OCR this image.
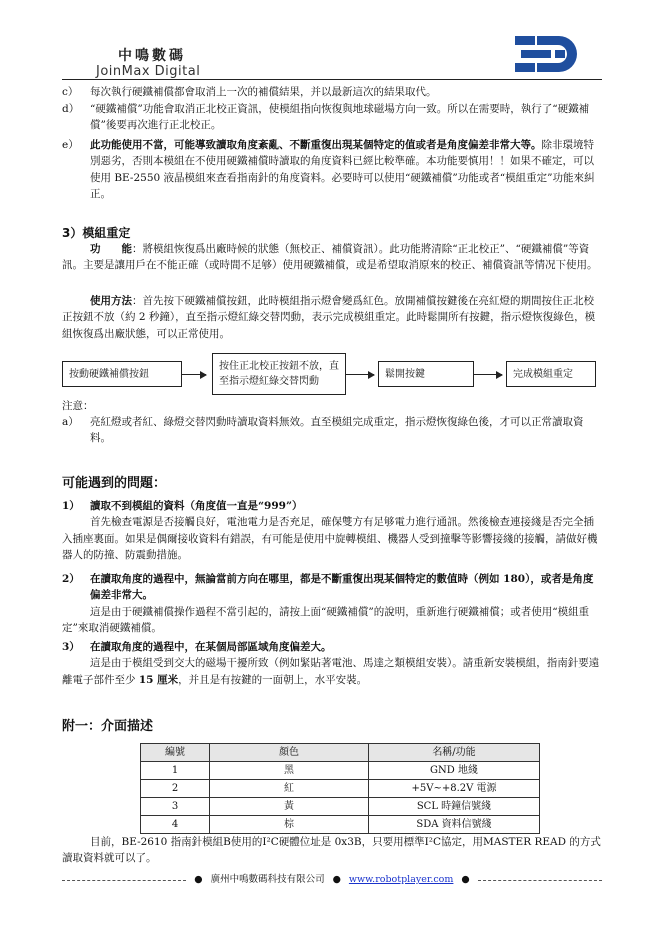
中鳴數碼
JoinMax Digital
c） 每次執行硬鐵補償都會取消上一次的補償結果，并以最新這次的結果取代。
d）	“硬鐵補償”功能會取消正北校正資訊，使模組指向恢復與地球磁場方向一致。所以在需要時，執行了“硬鐵補償”後要再次進行正北校正。
e）	此功能使用不當，可能導致讀取角度紊亂、不斷重復出現某個特定的值或者是角度偏差非常大等。除非環境特別惡劣，否則本模組在不使用硬鐵補償時讀取的角度資料已經比較準確。本功能要慎用！！如果不確定，可以使用 BE-2550 液晶模組來查看指南針的角度資料。必要時可以使用“硬鐵補償”功能或者“模組重定”功能來糾正。
3）模組重定
功　　能：將模組恢復爲出廠時候的狀態（無校正、補償資訊）。此功能將清除“正北校正”、“硬鐵補償”等資訊。主要是讓用戶在不能正確（或時間不足够）使用硬鐵補償，或是希望取消原來的校正、補償資訊等情况下使用。
使用方法：首先按下硬鐵補償按鈕，此時模組指示燈會變爲紅色。放開補償按鍵後在亮紅燈的期間按住正北校正按鈕不放（約 2 秒鐘），直至指示燈紅綠交替閃動，表示完成模組重定。此時鬆開所有按鍵，指示燈恢復綠色，模組恢復爲出廠狀態，可以正常使用。
按動硬鐵補償按鈕
按住正北校正按鈕不放，直至指示燈紅綠交替閃動
鬆開按鍵	完成模組重定
注意：
a）	亮紅燈或者紅、綠燈交替閃動時讀取資料無效。直至模組完成重定，指示燈恢復綠色後，才可以正常讀取資料。
可能遇到的問題：
1） 讀取不到模組的資料（角度值一直是“999”）
首先檢查電源是否接觸良好，電池電力是否充足，確保雙方有足够電力進行通訊。然後檢查連接綫是否完全插入插座裏面。如果是偶爾接收資料有錯誤，有可能是使用中旋轉模組、機器人受到撞擊等影響接綫的接觸，請做好機器人的防撞、防震動措施。
2） 在讀取角度的過程中，無論當前方向在哪里，都是不斷重復出現某個特定的數值時（例如 180），或者是角度偏差非常大。
這是由于硬鐵補償操作過程不當引起的，請按上面“硬鐵補償”的說明，重新進行硬鐵補償；或者使用“模組重定”來取消硬鐵補償。
3） 在讀取角度的過程中，在某個局部區域角度偏差大。
這是由于模組受到交大的磁場干擾所致（例如緊貼著電池、馬達之類模組安裝）。請重新安裝模組，指南針要遠離電子部件至少 15 厘米，并且是有按鍵的一面朝上，水平安裝。
附一：介面描述
編號	顏色	名稱/功能
1	黑	GND 地綫
2	紅	+5V~+8.2V 電源
3	黃	SCL 時鐘信號綫
4	棕	SDA 資料信號綫
目前，BE-2610 指南針模組B使用的I²C硬體位址是 0x3B，只要用標準I²C協定，用MASTER READ 的方式讀取資料就可以了。
● 廣州中鳴數碼科技有限公司 ● www.robotplayer.com ●
